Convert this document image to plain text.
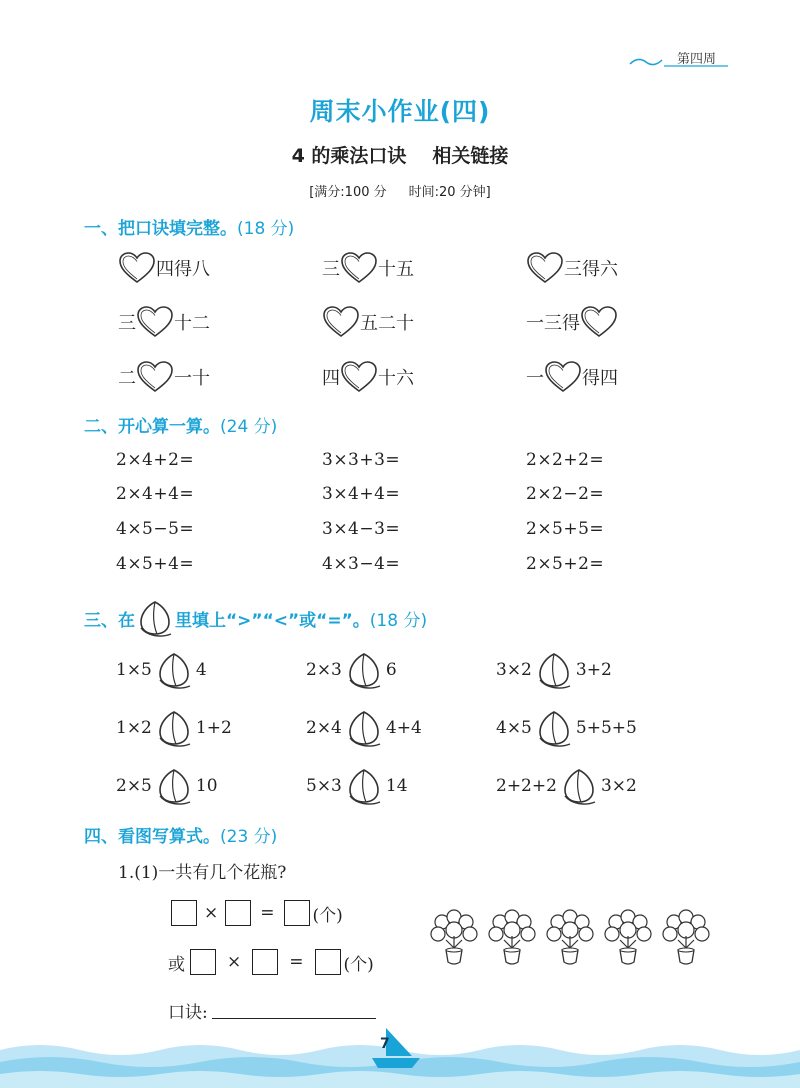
第四周
周末小作业(四)
4 的乘法口诀 相关链接
[满分:100 分 时间:20 分钟]
一、把口诀填完整。(18 分)
四得八	三 十五	三得六
三 十二	五二十	一三得
二 一十	四 十六	一 得四
二、开心算一算。(24 分)
2×4+2=	3×3+3=	2×2+2=
2×4+4=	3×4+4=	2×2−2=
4×5−5=	3×4−3=	2×5+5=
4×5+4=	4×3−4=	2×5+2=
三、在 里填上“>”“<”或“=”。 (18 分)
1×5	4	2×3	6	3×2	3+2
1×2	1+2	2×4	4+4	4×5	5+5+5
2×5	10	5×3	14	2+2+2	3×2
四、看图写算式。(23 分)
1.(1)一共有几个花瓶?
× = (个)
或 ×	= (个)
口诀:
7
